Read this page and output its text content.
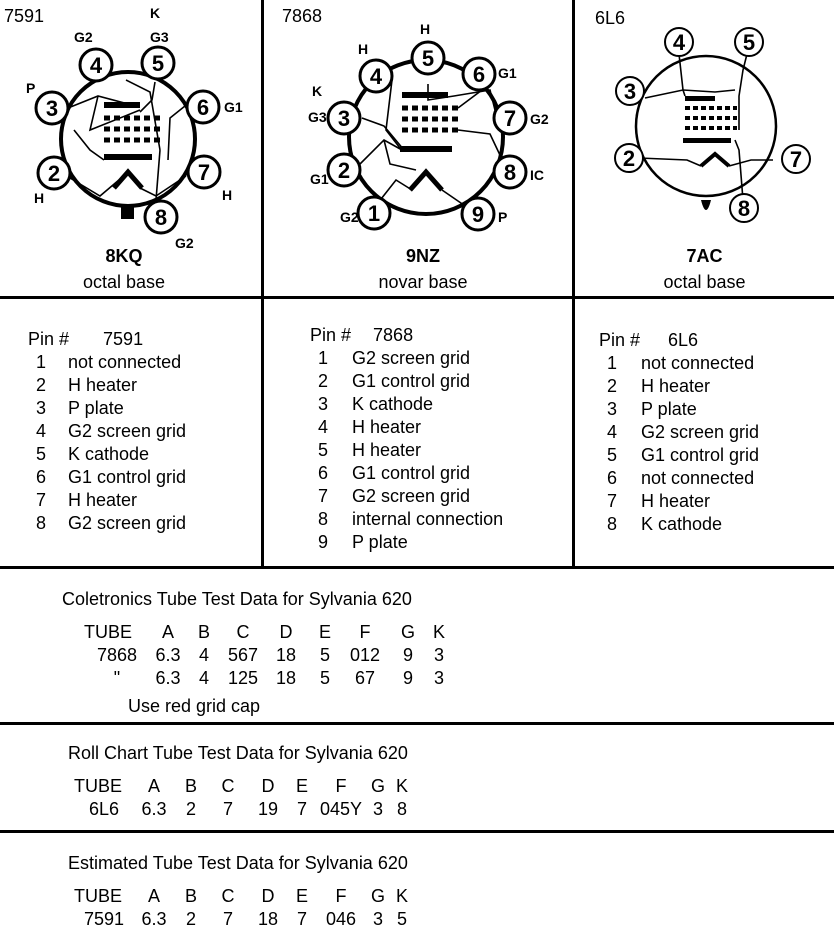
7591
2
3
4 5
6
7
8
H
P
G2
K
G3
G1
H
G2
8KQ
octal base
7868
1
2
3
4
5
6
7
8
9
G2
G1
K
G3
H
H
G1
G2
IC
P
9NZ
novar base
6L6
2
3
4	5
7
8
7AC
octal base
Pin # 7591
1 not connected
2 H heater
3 P plate
4 G2 screen grid
5 K cathode
6 G1 control grid
7 H heater
8 G2 screen grid
Pin # 7868
1 G2 screen grid
2 G1 control grid
3 K cathode
4 H heater
5 H heater
6 G1 control grid
7 G2 screen grid
8 internal connection
9 P plate
Pin # 6L6
1 not connected
2 H heater
3 P plate
4 G2 screen grid
5 G1 control grid
6 not connected
7 H heater
8 K cathode
Coletronics Tube Test Data for Sylvania 620
TUBE	A	B	C	D	E	F	G	K
7868	6.3	4	567	18	5	012	9	3
"	6.3	4	125	18	5	67	9	3
Use red grid cap
Roll Chart Tube Test Data for Sylvania 620
TUBE	A	B	C	D	E	F	G	K
6L6	6.3	2	7	19	7	045Y	3	8
Estimated Tube Test Data for Sylvania 620
TUBE	A	B	C	D	E	F	G	K
7591	6.3	2	7	18	7	046	3	5
